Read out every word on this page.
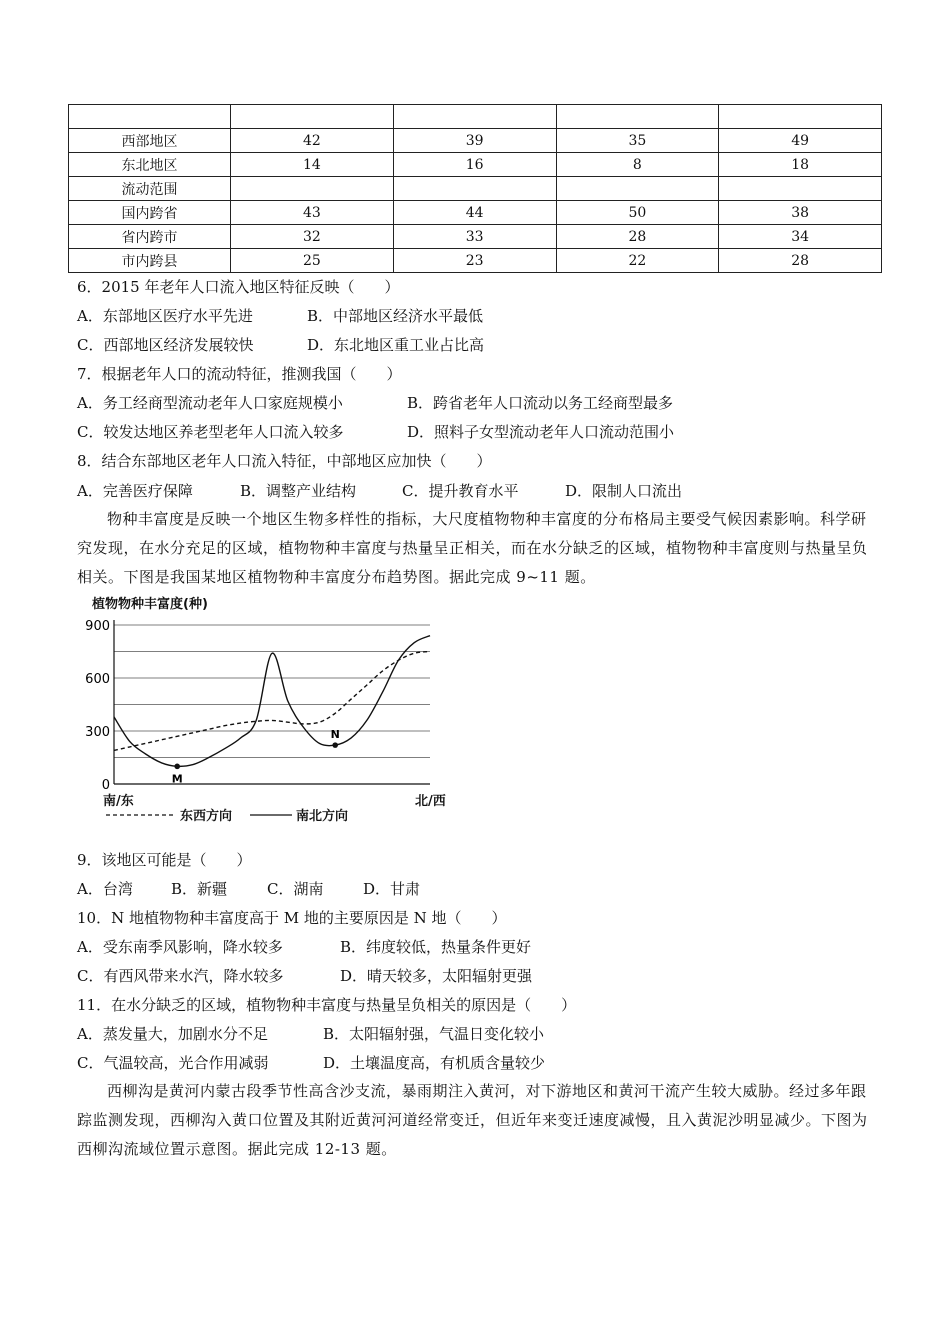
西部地区	42	39	35	49
东北地区	14	16	8	18
流动范围				
国内跨省	43	44	50	38
省内跨市	32	33	28	34
市内跨县	25	23	22	28
6．2015 年老年人口流入地区特征反映（　　）
A．东部地区医疗水平先进	B．中部地区经济水平最低
C．西部地区经济发展较快	D．东北地区重工业占比高
7．根据老年人口的流动特征，推测我国（　　）
A．务工经商型流动老年人口家庭规模小	B．跨省老年人口流动以务工经商型最多
C．较发达地区养老型老年人口流入较多	D．照料子女型流动老年人口流动范围小
8．结合东部地区老年人口流入特征，中部地区应加快（　　）
A．完善医疗保障	B．调整产业结构	C．提升教育水平	D．限制人口流出
物种丰富度是反映一个地区生物多样性的指标，大尺度植物物种丰富度的分布格局主要受气候因素影响。科学研究发现，在水分充足的区域，植物物种丰富度与热量呈正相关，而在水分缺乏的区域，植物物种丰富度则与热量呈负相关。下图是我国某地区植物物种丰富度分布趋势图。据此完成 9~11 题。
植物物种丰富度(种)
900
600
300
0	M
N
南/东	北/西
东西方向	南北方向
9．该地区可能是（　　）
A．台湾	B．新疆	C．湖南	D．甘肃
10．N 地植物物种丰富度高于 M 地的主要原因是 N 地（　　）
A．受东南季风影响，降水较多	B．纬度较低，热量条件更好
C．有西风带来水汽，降水较多	D．晴天较多，太阳辐射更强
11．在水分缺乏的区域，植物物种丰富度与热量呈负相关的原因是（　　）
A．蒸发量大，加剧水分不足	B．太阳辐射强，气温日变化较小
C．气温较高，光合作用减弱	D．土壤温度高，有机质含量较少
西柳沟是黄河内蒙古段季节性高含沙支流，暴雨期注入黄河，对下游地区和黄河干流产生较大威胁。经过多年跟踪监测发现，西柳沟入黄口位置及其附近黄河河道经常变迁，但近年来变迁速度减慢，且入黄泥沙明显减少。下图为西柳沟流域位置示意图。据此完成 12-13 题。
